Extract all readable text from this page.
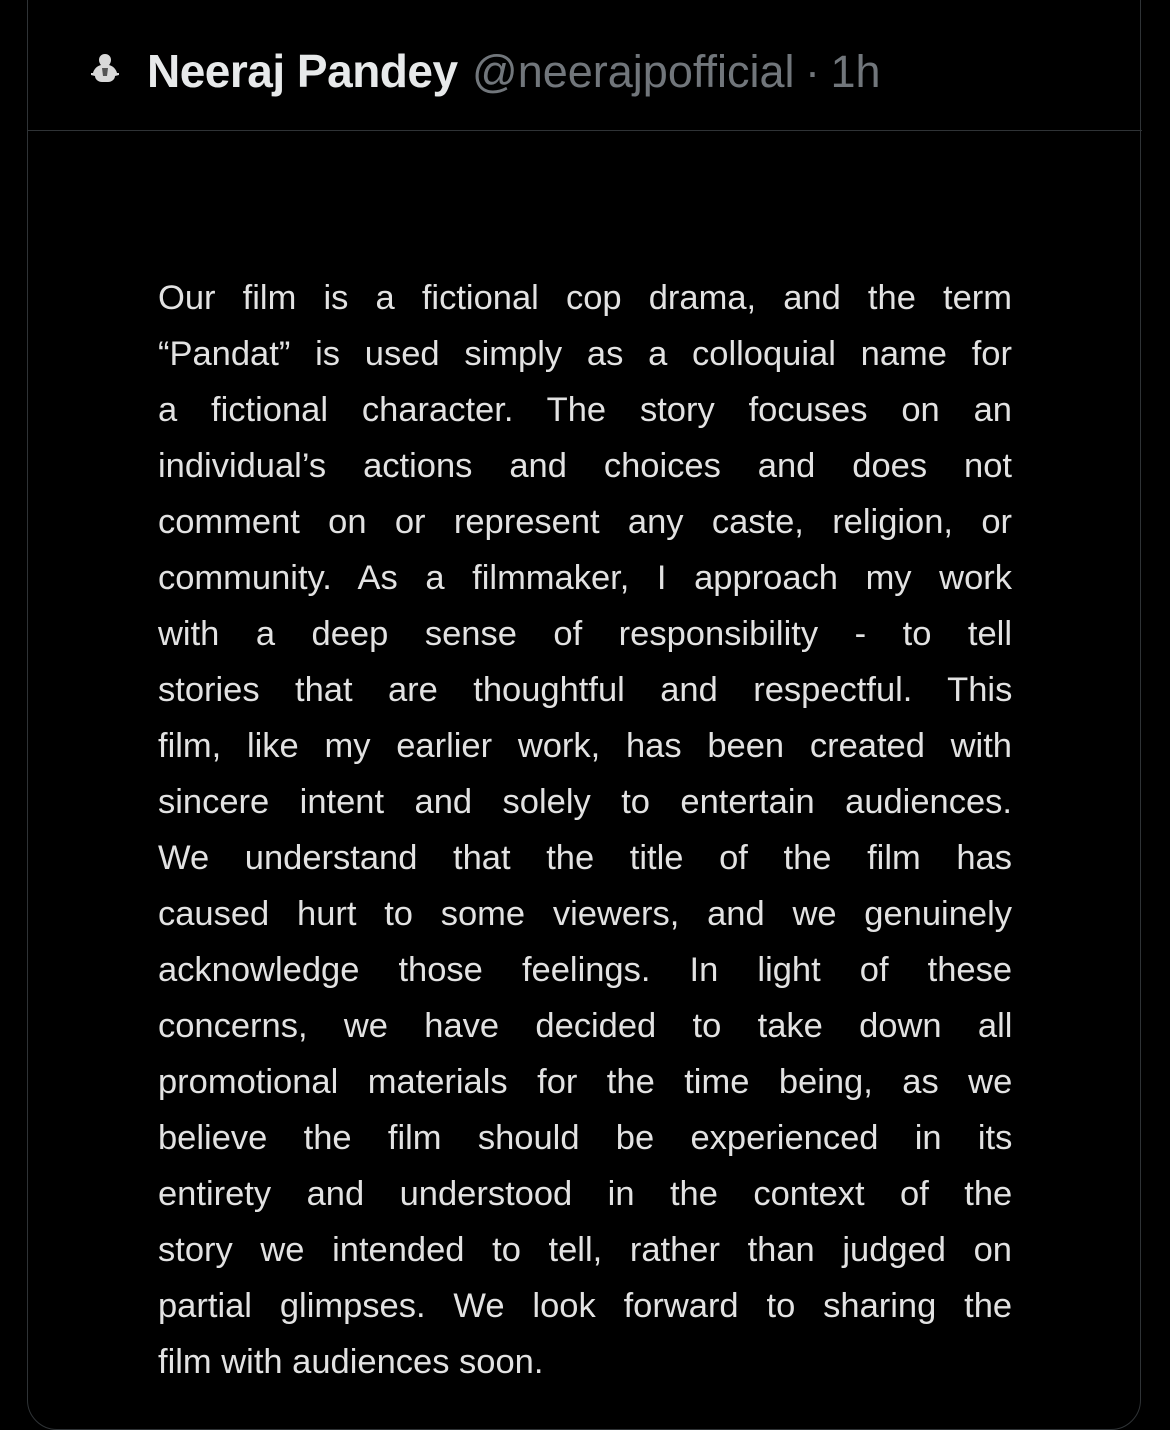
Neeraj Pandey @neerajpofficial · 1h
Our film is a fictional cop drama, and the term
“Pandat” is used simply as a colloquial name for
a fictional character. The story focuses on an
individual’s actions and choices and does not
comment on or represent any caste, religion, or
community. As a filmmaker, I approach my work
with a deep sense of responsibility - to tell
stories that are thoughtful and respectful. This
film, like my earlier work, has been created with
sincere intent and solely to entertain audiences.
We understand that the title of the film has
caused hurt to some viewers, and we genuinely
acknowledge those feelings. In light of these
concerns, we have decided to take down all
promotional materials for the time being, as we
believe the film should be experienced in its
entirety and understood in the context of the
story we intended to tell, rather than judged on
partial glimpses. We look forward to sharing the
film with audiences soon.
